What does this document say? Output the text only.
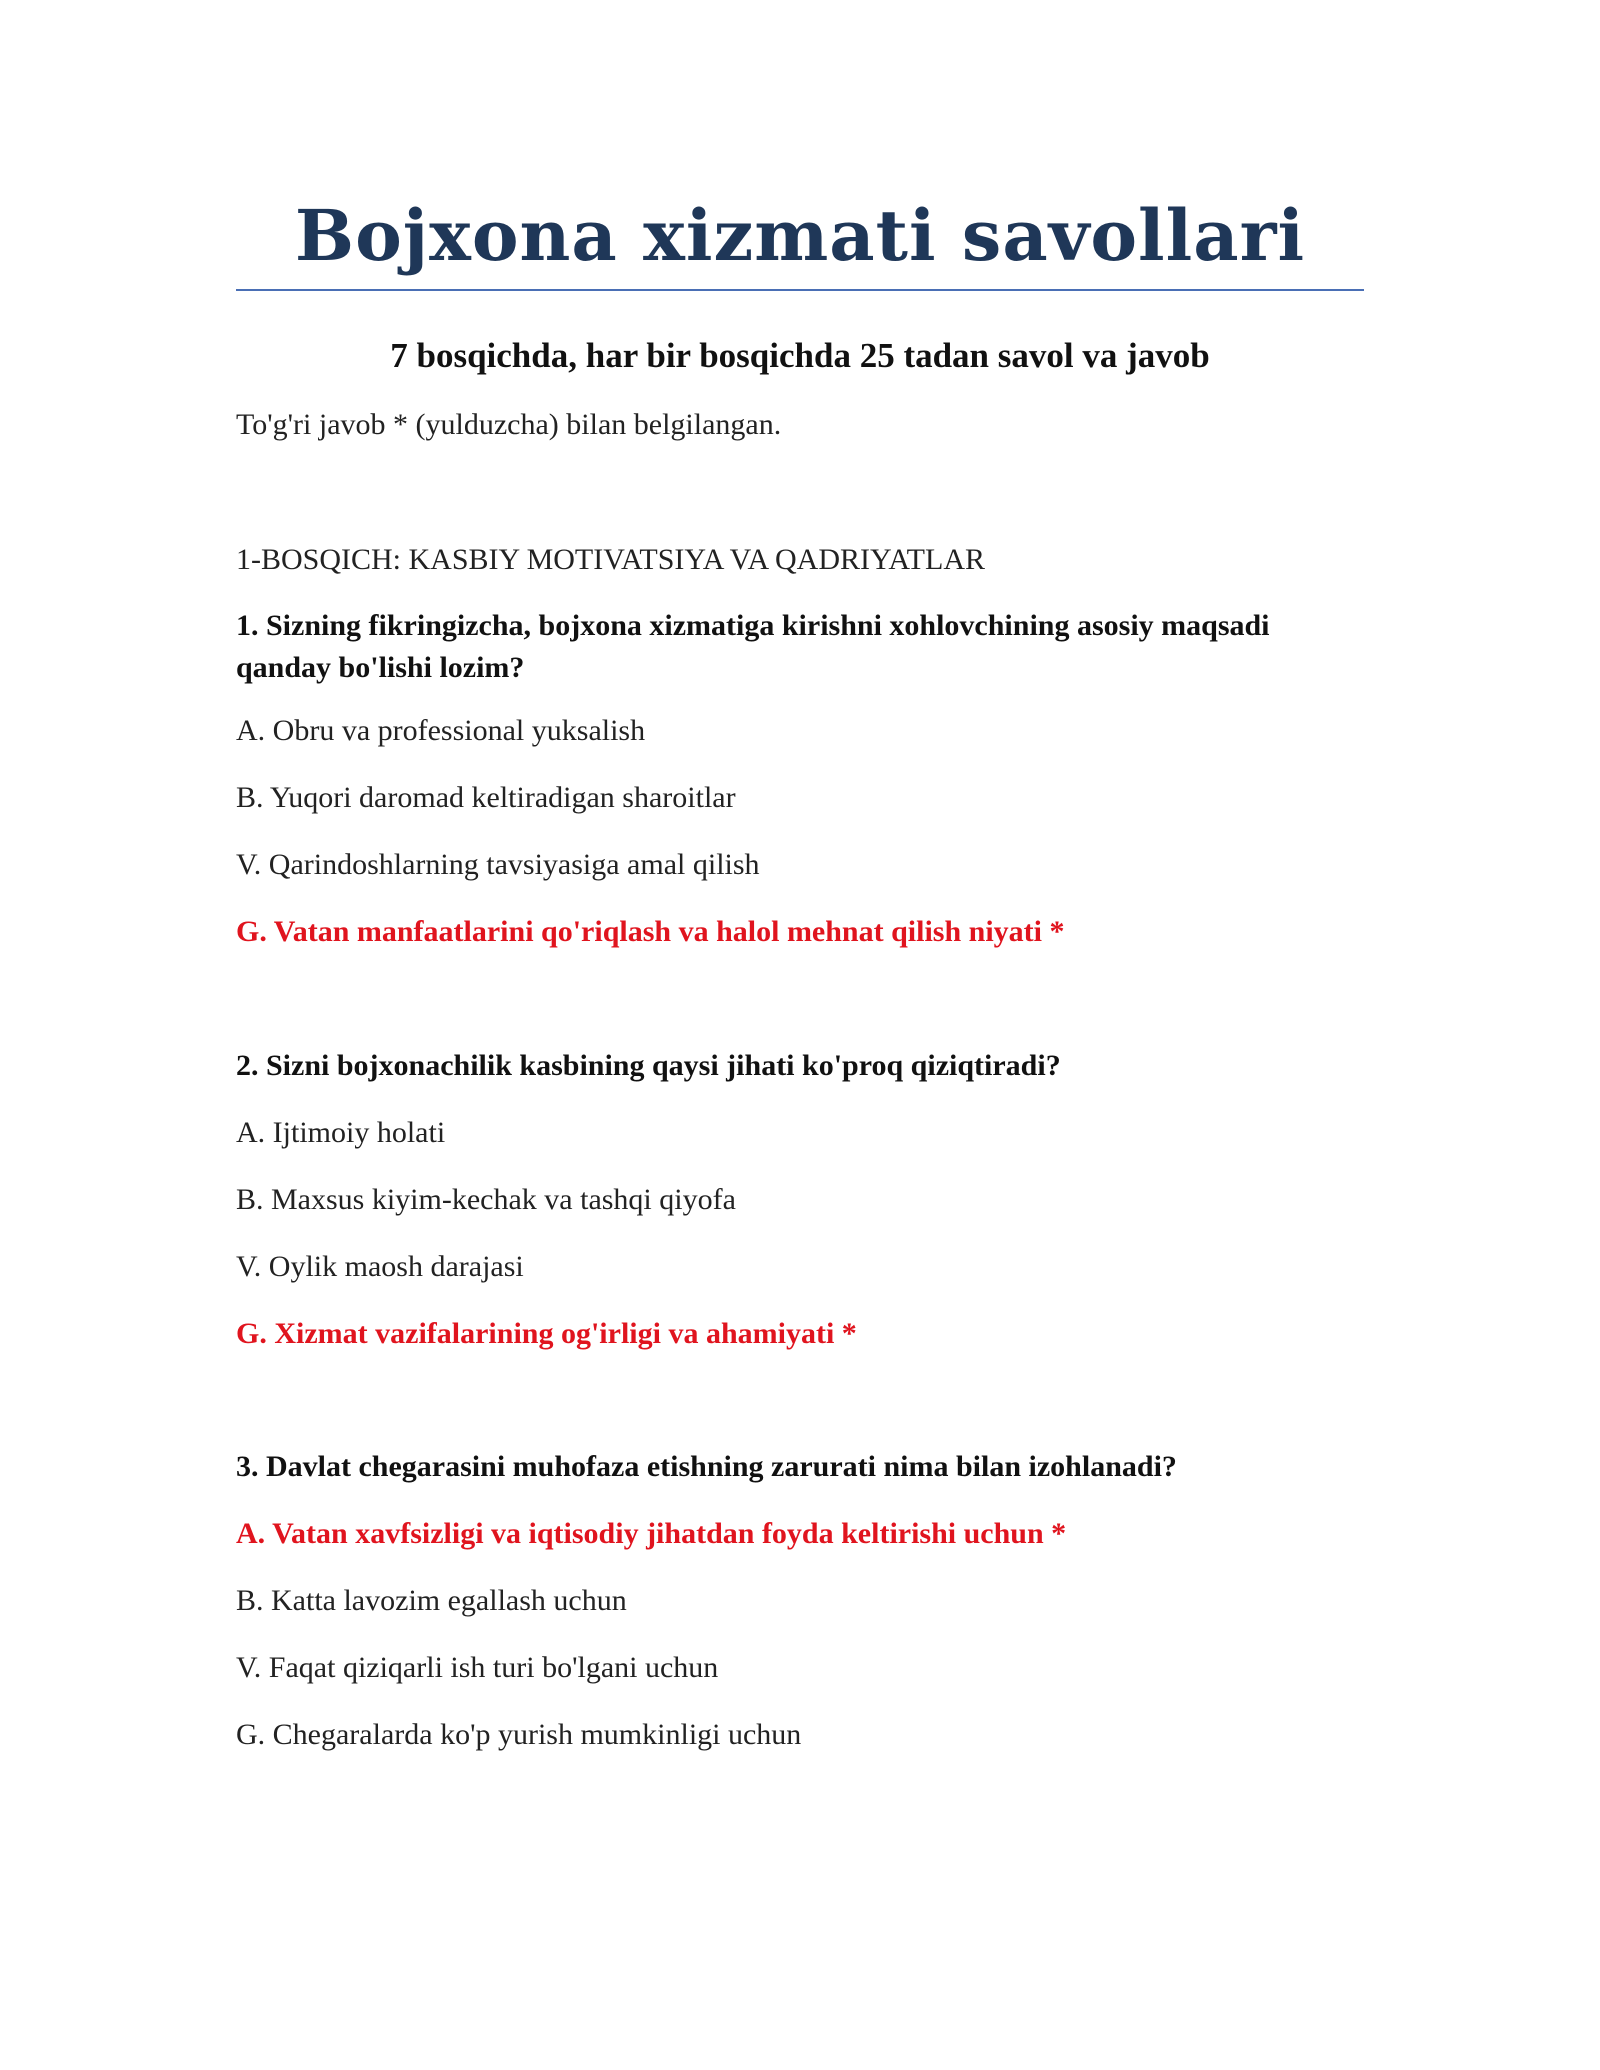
Bojxona xizmati savollari
7 bosqichda, har bir bosqichda 25 tadan savol va javob

To'g'ri javob * (yulduzcha) bilan belgilangan.

1-BOSQICH: KASBIY MOTIVATSIYA VA QADRIYATLAR

1. Sizning fikringizcha, bojxona xizmatiga kirishni xohlovchining asosiy maqsadi qanday bo'lishi lozim?

A. Obru va professional yuksalish

B. Yuqori daromad keltiradigan sharoitlar

V. Qarindoshlarning tavsiyasiga amal qilish

G. Vatan manfaatlarini qo'riqlash va halol mehnat qilish niyati *

2. Sizni bojxonachilik kasbining qaysi jihati ko'proq qiziqtiradi?

A. Ijtimoiy holati

B. Maxsus kiyim-kechak va tashqi qiyofa

V. Oylik maosh darajasi

G. Xizmat vazifalarining og'irligi va ahamiyati *

3. Davlat chegarasini muhofaza etishning zarurati nima bilan izohlanadi?

A. Vatan xavfsizligi va iqtisodiy jihatdan foyda keltirishi uchun *

B. Katta lavozim egallash uchun

V. Faqat qiziqarli ish turi bo'lgani uchun

G. Chegaralarda ko'p yurish mumkinligi uchun
